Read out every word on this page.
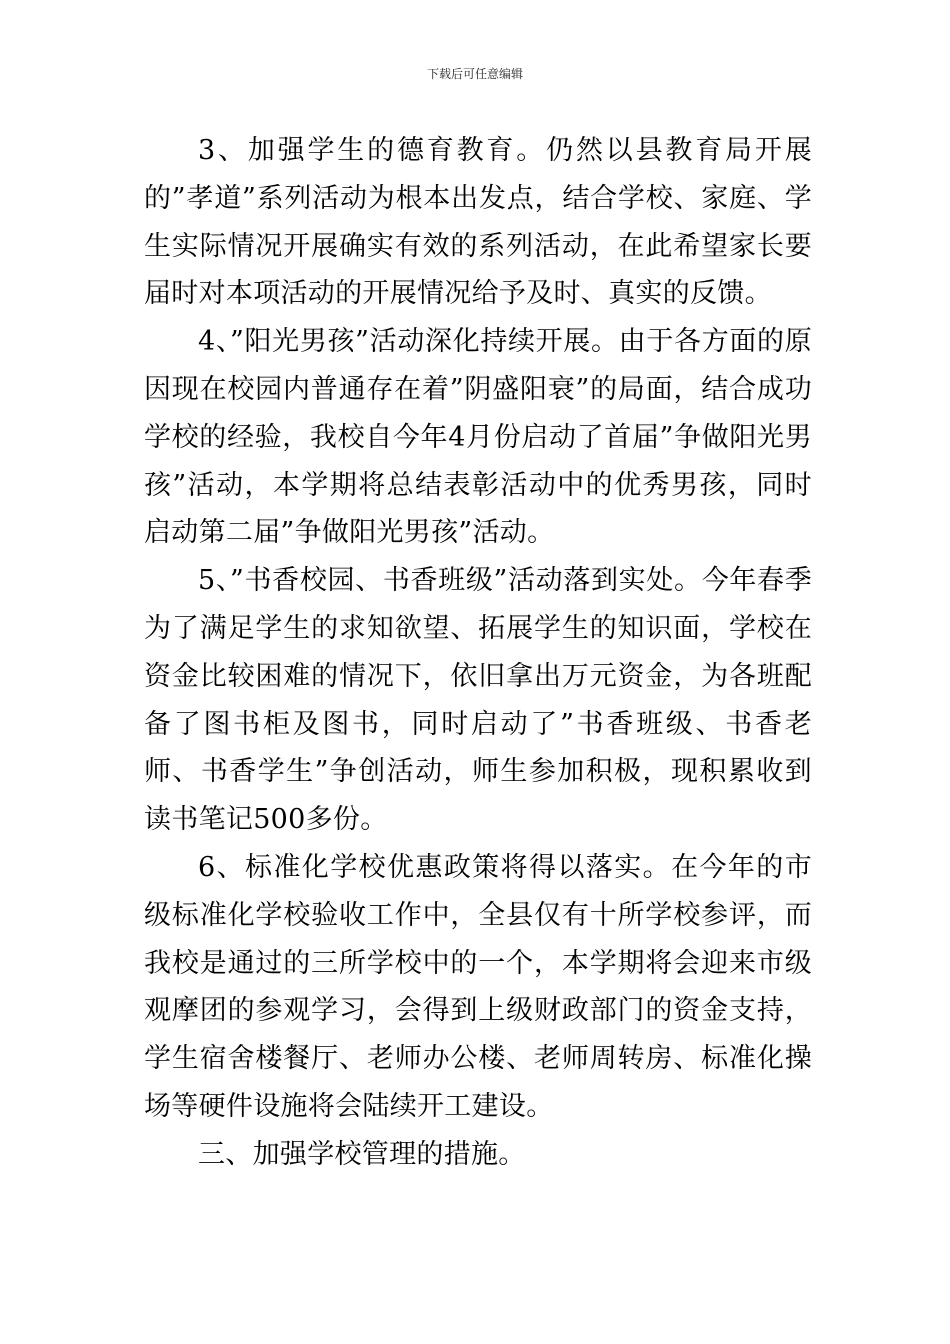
下载后可任意编辑

3、加强学生的德育教育。仍然以县教育局开展的”孝道”系列活动为根本出发点，结合学校、家庭、学生实际情况开展确实有效的系列活动，在此希望家长要届时对本项活动的开展情况给予及时、真实的反馈。

4、”阳光男孩”活动深化持续开展。由于各方面的原因现在校园内普通存在着”阴盛阳衰”的局面，结合成功学校的经验，我校自今年4月份启动了首届”争做阳光男孩”活动，本学期将总结表彰活动中的优秀男孩，同时启动第二届”争做阳光男孩”活动。

5、”书香校园、书香班级”活动落到实处。今年春季为了满足学生的求知欲望、拓展学生的知识面，学校在资金比较困难的情况下，依旧拿出万元资金，为各班配备了图书柜及图书，同时启动了”书香班级、书香老师、书香学生”争创活动，师生参加积极，现积累收到读书笔记500多份。

6、标准化学校优惠政策将得以落实。在今年的市级标准化学校验收工作中，全县仅有十所学校参评，而我校是通过的三所学校中的一个，本学期将会迎来市级观摩团的参观学习，会得到上级财政部门的资金支持，学生宿舍楼餐厅、老师办公楼、老师周转房、标准化操场等硬件设施将会陆续开工建设。

三、加强学校管理的措施。
